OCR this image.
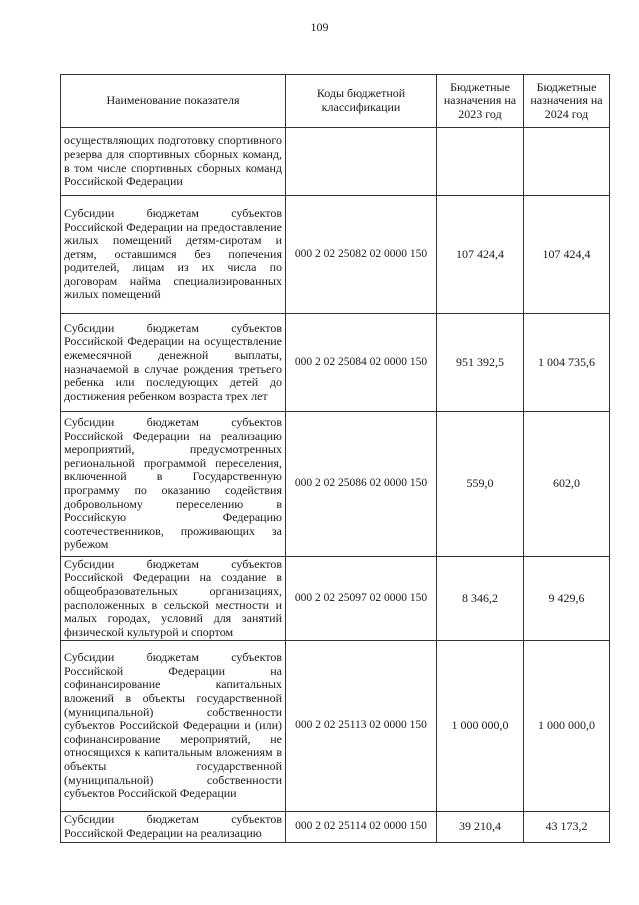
109
Наименование показателя	Коды бюджетной классификации	Бюджетные назначения на 2023 год	Бюджетные назначения на 2024 год
осуществляющих подготовку спортивного резерва для спортивных сборных команд, в том числе спортивных сборных команд Российской Федерации			
Субсидии бюджетам субъектов Российской Федерации на предоставление жилых помещений детям-сиротам и детям, оставшимся без попечения родителей, лицам из их числа по договорам найма специализированных жилых помещений	000 2 02 25082 02 0000 150	107 424,4	107 424,4
Субсидии бюджетам субъектов Российской Федерации на осуществление ежемесячной денежной выплаты, назначаемой в случае рождения третьего ребенка или последующих детей до достижения ребенком возраста трех лет	000 2 02 25084 02 0000 150	951 392,5	1 004 735,6
Субсидии бюджетам субъектов Российской Федерации на реализацию мероприятий, предусмотренных региональной программой переселения, включенной в Государственную программу по оказанию содействия добровольному переселению в Российскую Федерацию соотечественников, проживающих за рубежом	000 2 02 25086 02 0000 150	559,0	602,0
Субсидии бюджетам субъектов Российской Федерации на создание в общеобразовательных организациях, расположенных в сельской местности и малых городах, условий для занятий физической культурой и спортом	000 2 02 25097 02 0000 150	8 346,2	9 429,6
Субсидии бюджетам субъектов Российской Федерации на софинансирование капитальных вложений в объекты государственной (муниципальной) собственности субъектов Российской Федерации и (или) софинансирование мероприятий, не относящихся к капитальным вложениям в объекты государственной (муниципальной) собственности субъектов Российской Федерации	000 2 02 25113 02 0000 150	1 000 000,0	1 000 000,0
Субсидии бюджетам субъектов Российской Федерации на реализацию	000 2 02 25114 02 0000 150	39 210,4	43 173,2
